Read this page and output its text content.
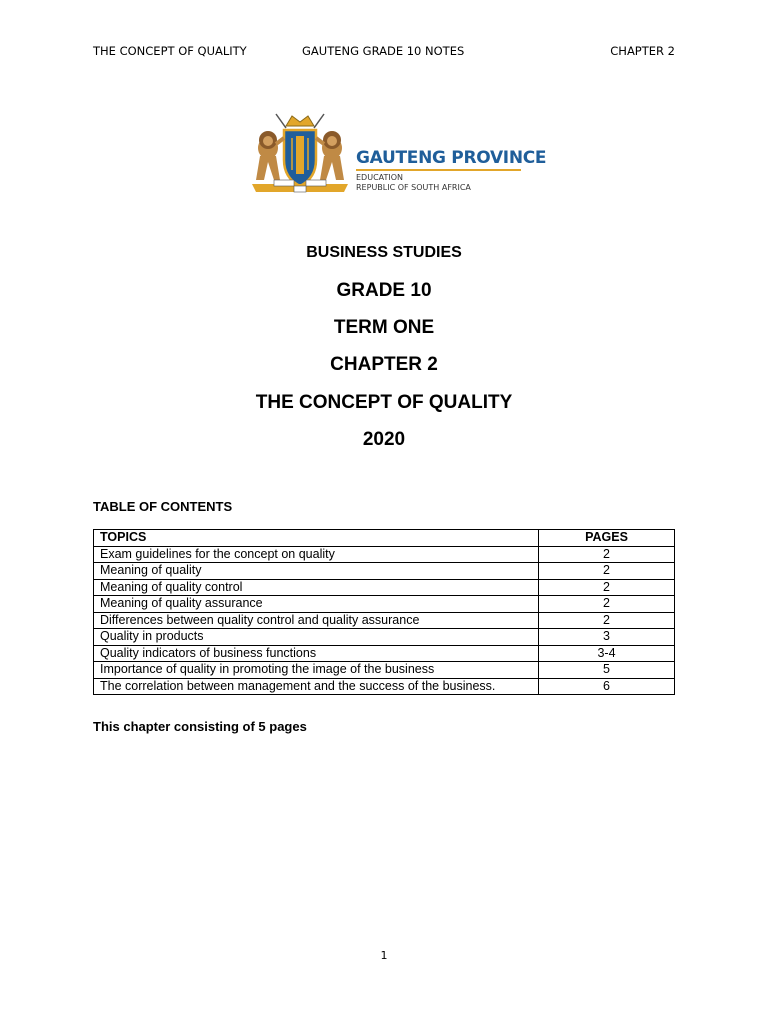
THE CONCEPT OF QUALITY	GAUTENG GRADE 10 NOTES	CHAPTER 2
GAUTENG PROVINCE
EDUCATION
REPUBLIC OF SOUTH AFRICA
BUSINESS STUDIES
GRADE 10
TERM ONE
CHAPTER 2
THE CONCEPT OF QUALITY
2020
TABLE OF CONTENTS
TOPICS	PAGES
Exam guidelines for the concept on quality	2
Meaning of quality	2
Meaning of quality control	2
Meaning of quality assurance	2
Differences between quality control and quality assurance	2
Quality in products	3
Quality indicators of business functions	3-4
Importance of quality in promoting the image of the business	5
The correlation between management and the success of the business.	6
This chapter consisting of 5 pages
1
